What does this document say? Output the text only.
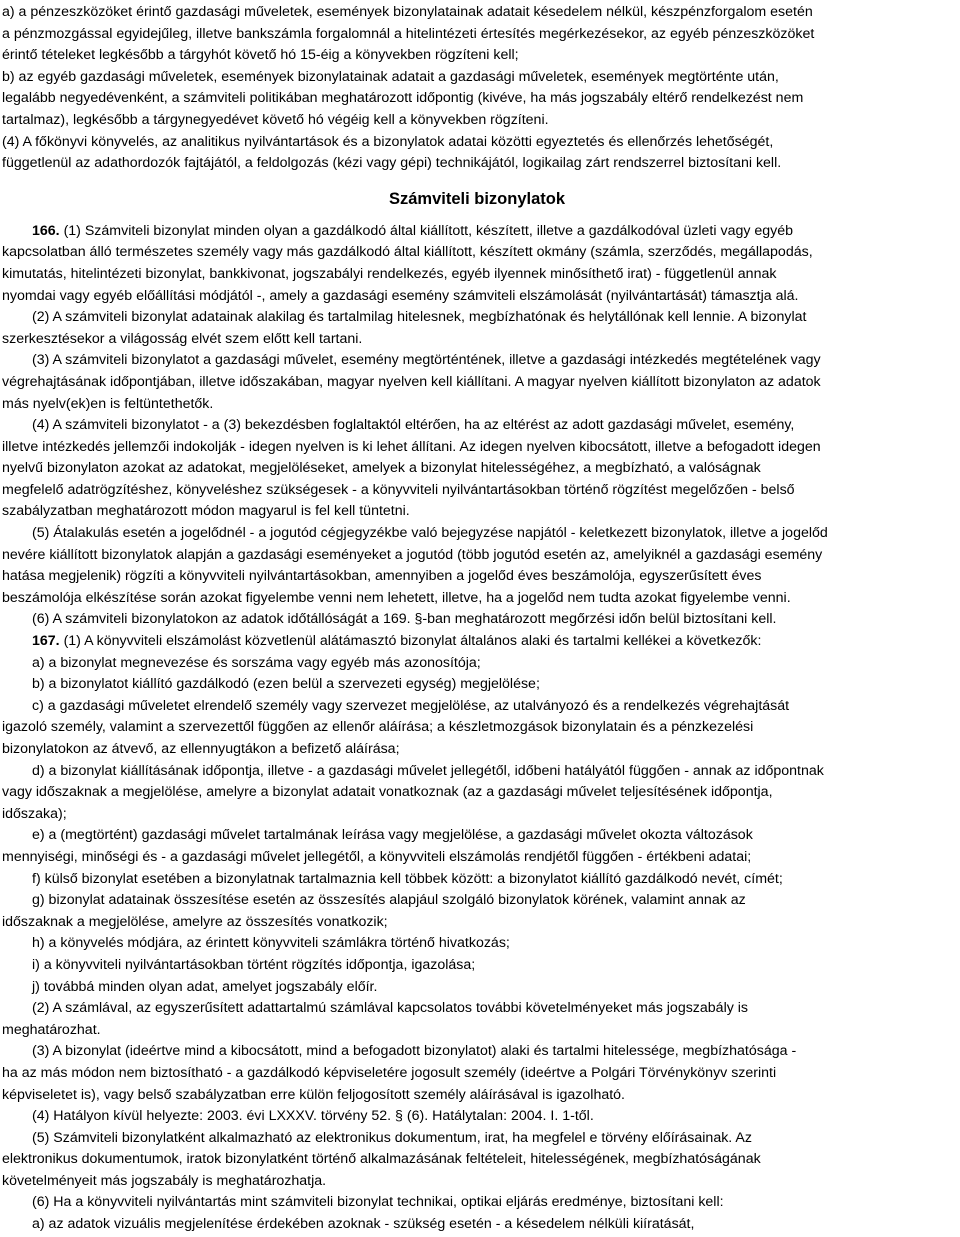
a) a pénzeszközöket érintő gazdasági műveletek, események bizonylatainak adatait késedelem nélkül, készpénzforgalom esetén

a pénzmozgással egyidejűleg, illetve bankszámla forgalomnál a hitelintézeti értesítés megérkezésekor, az egyéb pénzeszközöket

érintő tételeket legkésőbb a tárgyhót követő hó 15-éig a könyvekben rögzíteni kell;

b) az egyéb gazdasági műveletek, események bizonylatainak adatait a gazdasági műveletek, események megtörténte után,

legalább negyedévenként, a számviteli politikában meghatározott időpontig (kivéve, ha más jogszabály eltérő rendelkezést nem

tartalmaz), legkésőbb a tárgynegyedévet követő hó végéig kell a könyvekben rögzíteni.

(4) A főkönyvi könyvelés, az analitikus nyilvántartások és a bizonylatok adatai közötti egyeztetés és ellenőrzés lehetőségét,

függetlenül az adathordozók fajtájától, a feldolgozás (kézi vagy gépi) technikájától, logikailag zárt rendszerrel biztosítani kell.

Számviteli bizonylatok

166. (1) Számviteli bizonylat minden olyan a gazdálkodó által kiállított, készített, illetve a gazdálkodóval üzleti vagy egyéb

kapcsolatban álló természetes személy vagy más gazdálkodó által kiállított, készített okmány (számla, szerződés, megállapodás,

kimutatás, hitelintézeti bizonylat, bankkivonat, jogszabályi rendelkezés, egyéb ilyennek minősíthető irat) - függetlenül annak

nyomdai vagy egyéb előállítási módjától -, amely a gazdasági esemény számviteli elszámolását (nyilvántartását) támasztja alá.

(2) A számviteli bizonylat adatainak alakilag és tartalmilag hitelesnek, megbízhatónak és helytállónak kell lennie. A bizonylat

szerkesztésekor a világosság elvét szem előtt kell tartani.

(3) A számviteli bizonylatot a gazdasági művelet, esemény megtörténtének, illetve a gazdasági intézkedés megtételének vagy

végrehajtásának időpontjában, illetve időszakában, magyar nyelven kell kiállítani. A magyar nyelven kiállított bizonylaton az adatok

más nyelv(ek)en is feltüntethetők.

(4) A számviteli bizonylatot - a (3) bekezdésben foglaltaktól eltérően, ha az eltérést az adott gazdasági művelet, esemény,

illetve intézkedés jellemzői indokolják - idegen nyelven is ki lehet állítani. Az idegen nyelven kibocsátott, illetve a befogadott idegen

nyelvű bizonylaton azokat az adatokat, megjelöléseket, amelyek a bizonylat hitelességéhez, a megbízható, a valóságnak

megfelelő adatrögzítéshez, könyveléshez szükségesek - a könyvviteli nyilvántartásokban történő rögzítést megelőzően - belső

szabályzatban meghatározott módon magyarul is fel kell tüntetni.

(5) Átalakulás esetén a jogelődnél - a jogutód cégjegyzékbe való bejegyzése napjától - keletkezett bizonylatok, illetve a jogelőd

nevére kiállított bizonylatok alapján a gazdasági eseményeket a jogutód (több jogutód esetén az, amelyiknél a gazdasági esemény

hatása megjelenik) rögzíti a könyvviteli nyilvántartásokban, amennyiben a jogelőd éves beszámolója, egyszerűsített éves

beszámolója elkészítése során azokat figyelembe venni nem lehetett, illetve, ha a jogelőd nem tudta azokat figyelembe venni.

(6) A számviteli bizonylatokon az adatok időtállóságát a 169. §-ban meghatározott megőrzési időn belül biztosítani kell.

167. (1) A könyvviteli elszámolást közvetlenül alátámasztó bizonylat általános alaki és tartalmi kellékei a következők:

a) a bizonylat megnevezése és sorszáma vagy egyéb más azonosítója;

b) a bizonylatot kiállító gazdálkodó (ezen belül a szervezeti egység) megjelölése;

c) a gazdasági műveletet elrendelő személy vagy szervezet megjelölése, az utalványozó és a rendelkezés végrehajtását

igazoló személy, valamint a szervezettől függően az ellenőr aláírása; a készletmozgások bizonylatain és a pénzkezelési

bizonylatokon az átvevő, az ellennyugtákon a befizető aláírása;

d) a bizonylat kiállításának időpontja, illetve - a gazdasági művelet jellegétől, időbeni hatályától függően - annak az időpontnak

vagy időszaknak a megjelölése, amelyre a bizonylat adatait vonatkoznak (az a gazdasági művelet teljesítésének időpontja,

időszaka);

e) a (megtörtént) gazdasági művelet tartalmának leírása vagy megjelölése, a gazdasági művelet okozta változások

mennyiségi, minőségi és - a gazdasági művelet jellegétől, a könyvviteli elszámolás rendjétől függően - értékbeni adatai;

f) külső bizonylat esetében a bizonylatnak tartalmaznia kell többek között: a bizonylatot kiállító gazdálkodó nevét, címét;

g) bizonylat adatainak összesítése esetén az összesítés alapjául szolgáló bizonylatok körének, valamint annak az

időszaknak a megjelölése, amelyre az összesítés vonatkozik;

h) a könyvelés módjára, az érintett könyvviteli számlákra történő hivatkozás;

i) a könyvviteli nyilvántartásokban történt rögzítés időpontja, igazolása;

j) továbbá minden olyan adat, amelyet jogszabály előír.

(2) A számlával, az egyszerűsített adattartalmú számlával kapcsolatos további követelményeket más jogszabály is

meghatározhat.

(3) A bizonylat (ideértve mind a kibocsátott, mind a befogadott bizonylatot) alaki és tartalmi hitelessége, megbízhatósága -

ha az más módon nem biztosítható - a gazdálkodó képviseletére jogosult személy (ideértve a Polgári Törvénykönyv szerinti

képviseletet is), vagy belső szabályzatban erre külön feljogosított személy aláírásával is igazolható.

(4) Hatályon kívül helyezte: 2003. évi LXXXV. törvény 52. § (6). Hatálytalan: 2004. I. 1-től.

(5) Számviteli bizonylatként alkalmazható az elektronikus dokumentum, irat, ha megfelel e törvény előírásainak. Az

elektronikus dokumentumok, iratok bizonylatként történő alkalmazásának feltételeit, hitelességének, megbízhatóságának

követelményeit más jogszabály is meghatározhatja.

(6) Ha a könyvviteli nyilvántartás mint számviteli bizonylat technikai, optikai eljárás eredménye, biztosítani kell:

a) az adatok vizuális megjelenítése érdekében azoknak - szükség esetén - a késedelem nélküli kiíratását,
